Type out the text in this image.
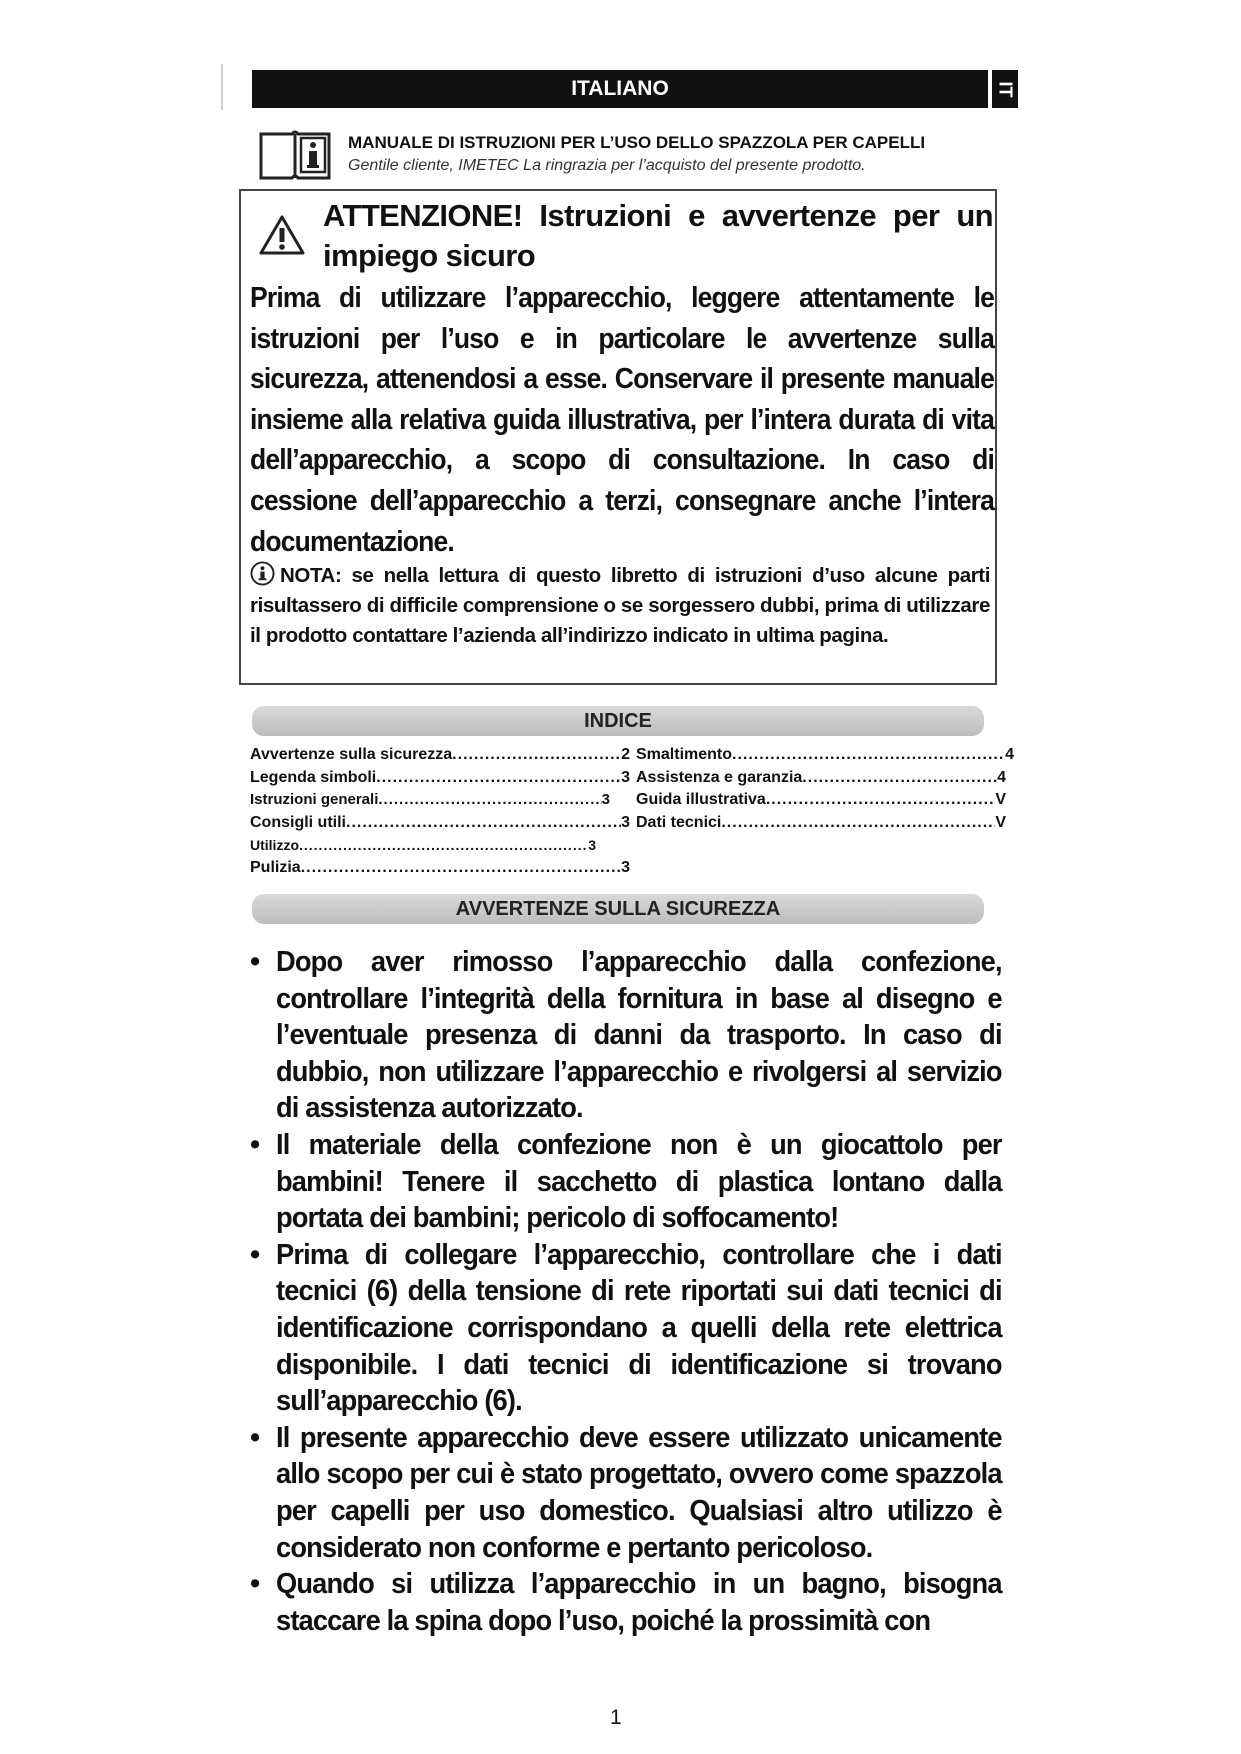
ITALIANO	IT
MANUALE DI ISTRUZIONI PER L’USO DELLO SPAZZOLA PER CAPELLI
Gentile cliente, IMETEC La ringrazia per l’acquisto del presente prodotto.
ATTENZIONE! Istruzioni e avvertenze per un impiego sicuro
Prima di utilizzare l’apparecchio, leggere attentamente le istruzioni per l’uso e in particolare le avvertenze sulla sicurezza, attenendosi a esse. Conservare il presente manuale insieme alla relativa guida illustrativa, per l’intera durata di vita dell’apparecchio, a scopo di consultazione. In caso di cessione dell’apparecchio a terzi, consegnare anche l’intera documentazione.
NOTA: se nella lettura di questo libretto di istruzioni d’uso alcune parti risultassero di difficile comprensione o se sorgessero dubbi, prima di utilizzare il prodotto contattare l’azienda all’indirizzo indicato in ultima pagina.
INDICE
Avvertenze sulla sicurezza .....	2
Legenda simboli .....	3
Istruzioni generali .....	3
Consigli utili .....	3
Utilizzo .....	3
Pulizia .....	3
Smaltimento .....	4
Assistenza e garanzia .....	4
Guida illustrativa .....	V
Dati tecnici .....	V
AVVERTENZE SULLA SICUREZZA
• Dopo aver rimosso l’apparecchio dalla confezione, controllare l’integrità della fornitura in base al disegno e l’eventuale presenza di danni da trasporto. In caso di dubbio, non utilizzare l’apparecchio e rivolgersi al servizio di assistenza autorizzato.
• Il materiale della confezione non è un giocattolo per bambini! Tenere il sacchetto di plastica lontano dalla portata dei bambini; pericolo di soffocamento!
• Prima di collegare l’apparecchio, controllare che i dati tecnici (6) della tensione di rete riportati sui dati tecnici di identificazione corrispondano a quelli della rete elettrica disponibile. I dati tecnici di identificazione si trovano sull’apparecchio (6).
• Il presente apparecchio deve essere utilizzato unicamente allo scopo per cui è stato progettato, ovvero come spazzola per capelli per uso domestico. Qualsiasi altro utilizzo è considerato non conforme e pertanto pericoloso.
• Quando si utilizza l’apparecchio in un bagno, bisogna staccare la spina dopo l’uso, poiché la prossimità con
1
